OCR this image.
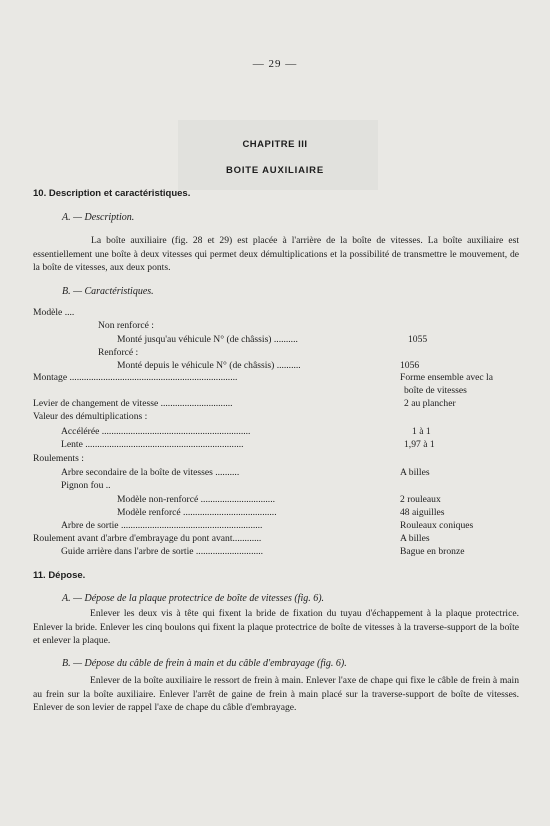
— 29 —
CHAPITRE III
BOITE AUXILIAIRE
10. Description et caractéristiques.
A. — Description.
La boîte auxiliaire (fig. 28 et 29) est placée à l'arrière de la boîte de vitesses. La boîte auxiliaire est essentiellement une boîte à deux vitesses qui permet deux démultiplications et la possibilité de transmettre le mouvement, de la boîte de vitesses, aux deux ponts.
B. — Caractéristiques.
Modèle ....
Non renforcé :
Monté jusqu'au véhicule N° (de châssis) ..........	1055
Renforcé :
Monté depuis le véhicule N° (de châssis) ..........	1056
Montage ......................................................................	Forme ensemble avec la
boîte de vitesses
Levier de changement de vitesse ..............................	2 au plancher
Valeur des démultiplications :
Accélérée ..............................................................	1 à 1
Lente ..................................................................	1,97 à 1
Roulements :
Arbre secondaire de la boîte de vitesses ..........	A billes
Pignon fou ..
Modèle non-renforcé ...............................	2 rouleaux
Modèle renforcé .......................................	48 aiguilles
Arbre de sortie ...........................................................	Rouleaux coniques
Roulement avant d'arbre d'embrayage du pont avant............	A billes
Guide arrière dans l'arbre de sortie ............................	Bague en bronze
11. Dépose.
A. — Dépose de la plaque protectrice de boîte de vitesses (fig. 6).
Enlever les deux vis à tête qui fixent la bride de fixation du tuyau d'échappement à la plaque protectrice. Enlever la bride. Enlever les cinq boulons qui fixent la plaque protectrice de boîte de vitesses à la traverse-support de la boîte et enlever la plaque.
B. — Dépose du câble de frein à main et du câble d'embrayage (fig. 6).
Enlever de la boîte auxiliaire le ressort de frein à main. Enlever l'axe de chape qui fixe le câble de frein à main au frein sur la boîte auxiliaire. Enlever l'arrêt de gaine de frein à main placé sur la traverse-support de boîte de vitesses. Enlever de son levier de rappel l'axe de chape du câble d'embrayage.
